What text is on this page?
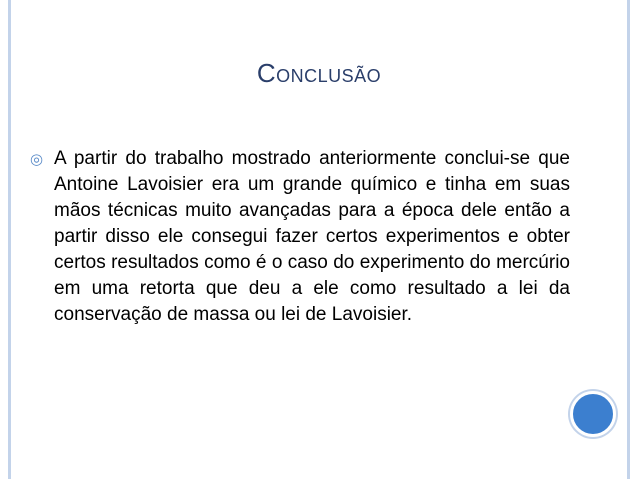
Conclusão
◎ A partir do trabalho mostrado anteriormente conclui-se que Antoine Lavoisier era um grande químico e tinha em suas mãos técnicas muito avançadas para a época dele então a partir disso ele consegui fazer certos experimentos e obter certos resultados como é o caso do experimento do mercúrio em uma retorta que deu a ele como resultado a lei da conservação de massa ou lei de Lavoisier.
